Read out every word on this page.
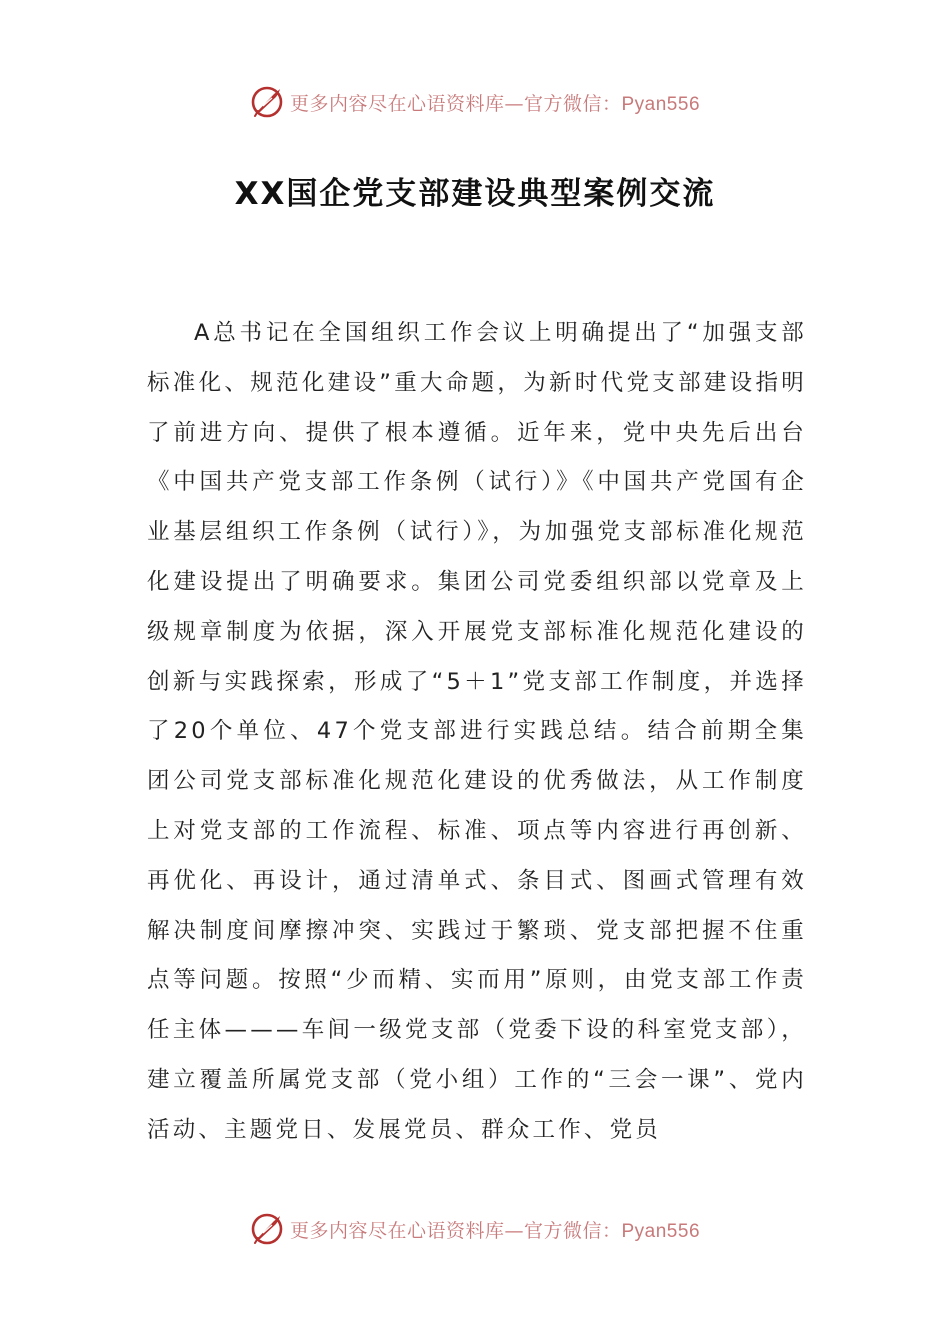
更多内容尽在心语资料库—官方微信：Pyan556
XX国企党支部建设典型案例交流

A总书记在全国组织工作会议上明确提出了“加强支部标准化、规范化建设”重大命题，为新时代党支部建设指明了前进方向、提供了根本遵循。近年来，党中央先后出台《中国共产党支部工作条例（试行）》《中国共产党国有企业基层组织工作条例（试行）》，为加强党支部标准化规范化建设提出了明确要求。集团公司党委组织部以党章及上级规章制度为依据，深入开展党支部标准化规范化建设的创新与实践探索，形成了“5＋1”党支部工作制度，并选择了20个单位、47个党支部进行实践总结。结合前期全集团公司党支部标准化规范化建设的优秀做法，从工作制度上对党支部的工作流程、标准、项点等内容进行再创新、再优化、再设计，通过清单式、条目式、图画式管理有效解决制度间摩擦冲突、实践过于繁琐、党支部把握不住重点等问题。按照“少而精、实而用”原则，由党支部工作责任主体———车间一级党支部（党委下设的科室党支部），建立覆盖所属党支部（党小组）工作的“三会一课”、党内活动、主题党日、发展党员、群众工作、党员

更多内容尽在心语资料库—官方微信：Pyan556
